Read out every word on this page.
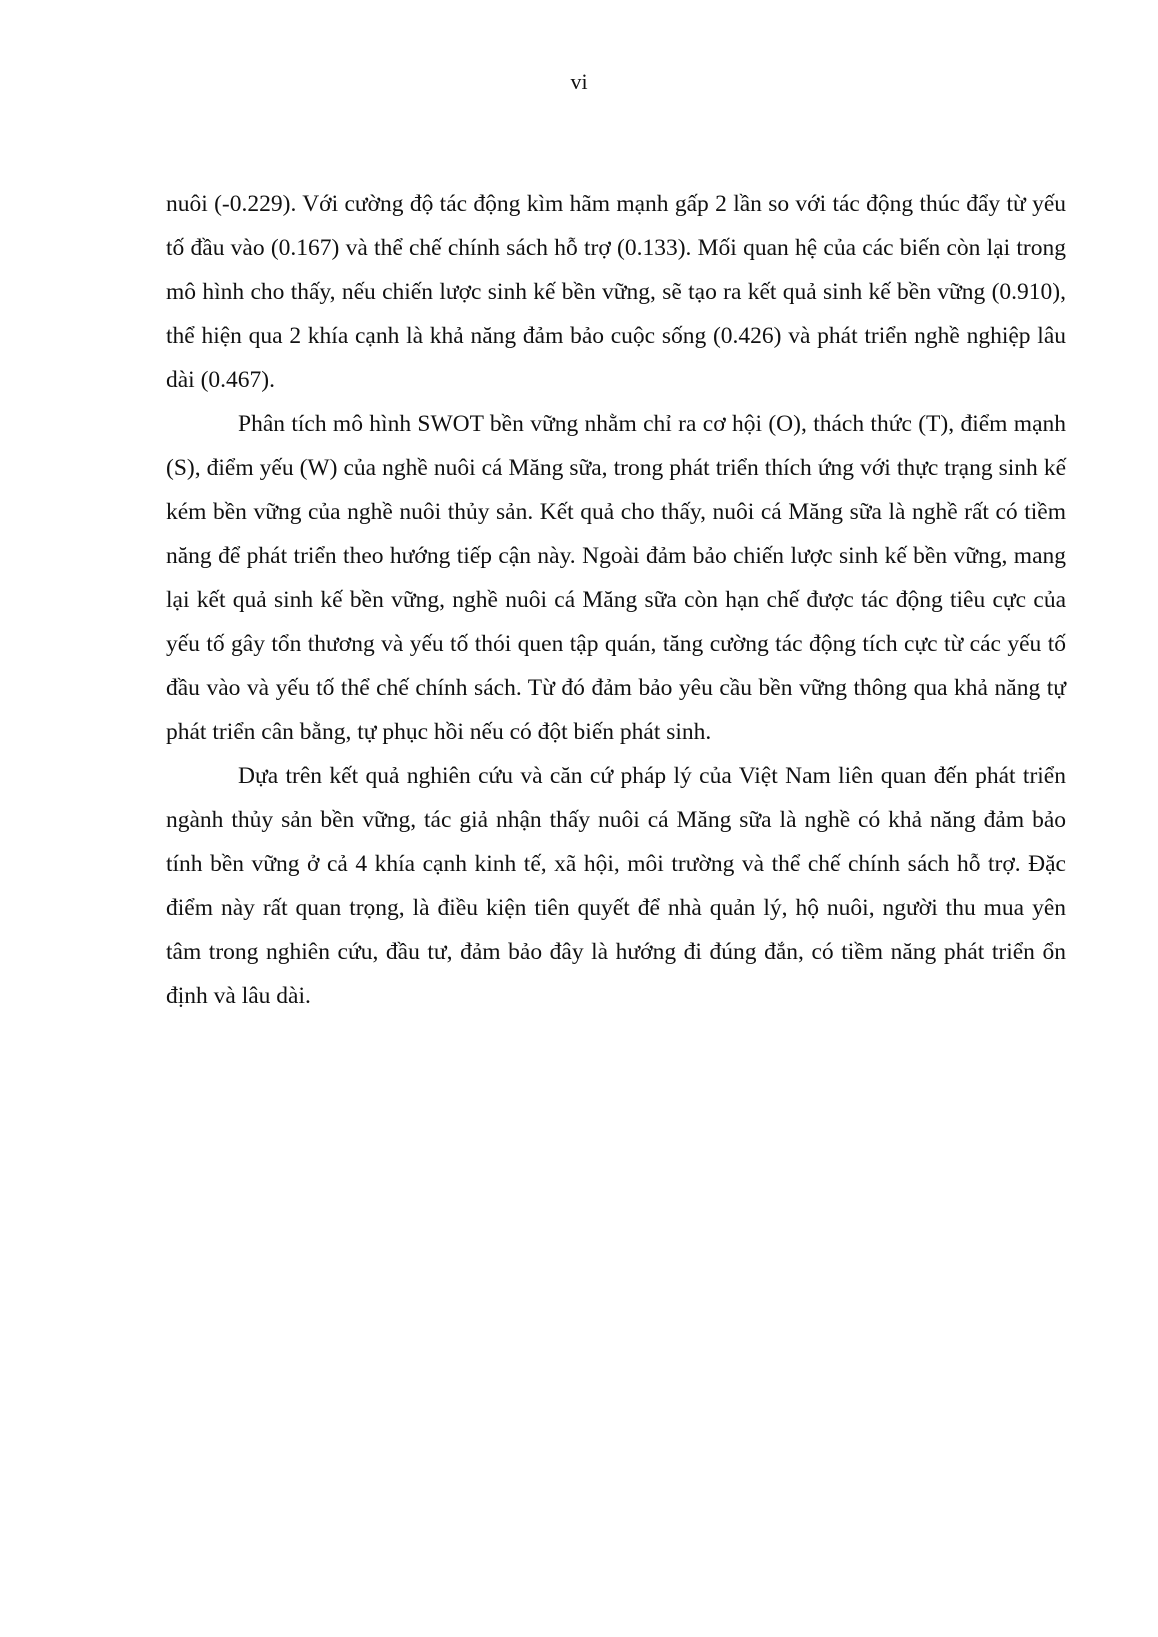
vi

nuôi (-0.229). Với cường độ tác động kìm hãm mạnh gấp 2 lần so với tác động thúc đẩy từ yếu tố đầu vào (0.167) và thể chế chính sách hỗ trợ (0.133). Mối quan hệ của các biến còn lại trong mô hình cho thấy, nếu chiến lược sinh kế bền vững, sẽ tạo ra kết quả sinh kế bền vững (0.910), thể hiện qua 2 khía cạnh là khả năng đảm bảo cuộc sống (0.426) và phát triển nghề nghiệp lâu dài (0.467).

Phân tích mô hình SWOT bền vững nhằm chỉ ra cơ hội (O), thách thức (T), điểm mạnh (S), điểm yếu (W) của nghề nuôi cá Măng sữa, trong phát triển thích ứng với thực trạng sinh kế kém bền vững của nghề nuôi thủy sản. Kết quả cho thấy, nuôi cá Măng sữa là nghề rất có tiềm năng để phát triển theo hướng tiếp cận này. Ngoài đảm bảo chiến lược sinh kế bền vững, mang lại kết quả sinh kế bền vững, nghề nuôi cá Măng sữa còn hạn chế được tác động tiêu cực của yếu tố gây tổn thương và yếu tố thói quen tập quán, tăng cường tác động tích cực từ các yếu tố đầu vào và yếu tố thể chế chính sách. Từ đó đảm bảo yêu cầu bền vững thông qua khả năng tự phát triển cân bằng, tự phục hồi nếu có đột biến phát sinh.

Dựa trên kết quả nghiên cứu và căn cứ pháp lý của Việt Nam liên quan đến phát triển ngành thủy sản bền vững, tác giả nhận thấy nuôi cá Măng sữa là nghề có khả năng đảm bảo tính bền vững ở cả 4 khía cạnh kinh tế, xã hội, môi trường và thể chế chính sách hỗ trợ. Đặc điểm này rất quan trọng, là điều kiện tiên quyết để nhà quản lý, hộ nuôi, người thu mua yên tâm trong nghiên cứu, đầu tư, đảm bảo đây là hướng đi đúng đắn, có tiềm năng phát triển ổn định và lâu dài.
